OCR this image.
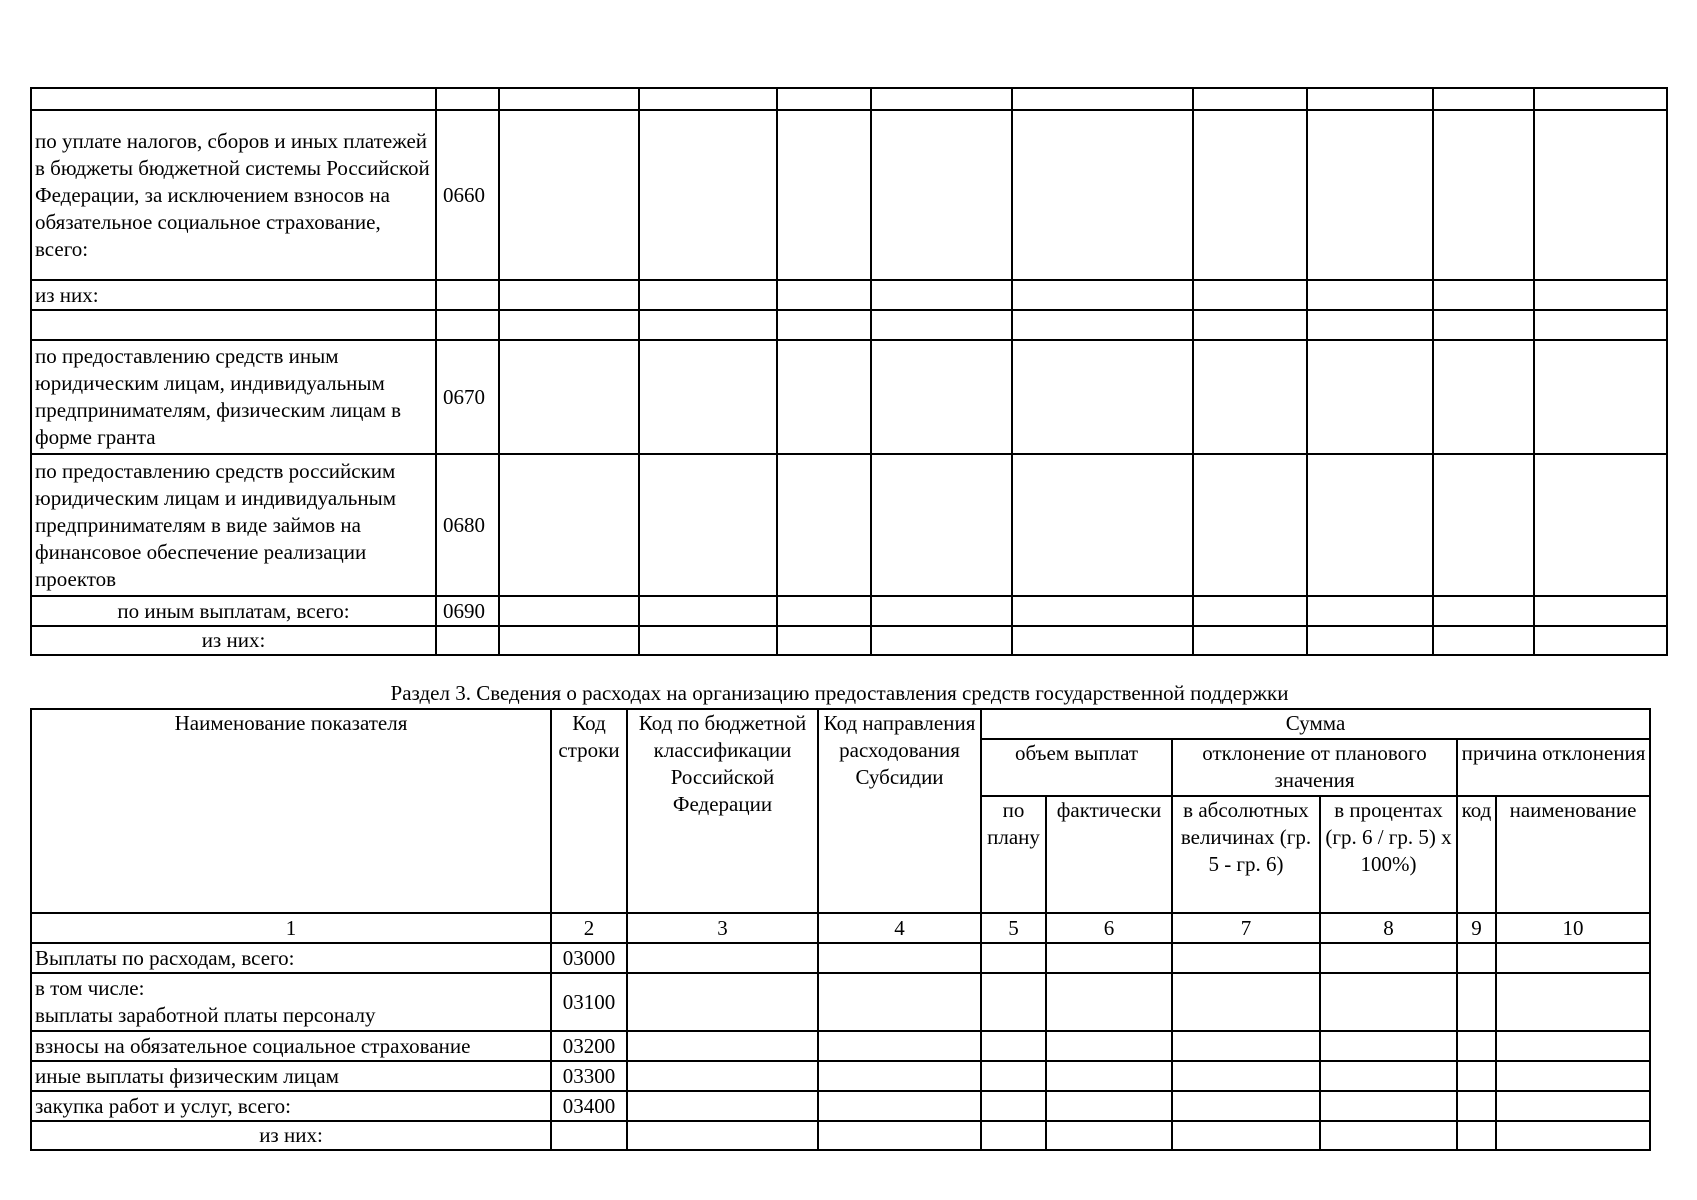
по уплате налогов, сборов и иных платежей в бюджеты бюджетной системы Российской Федерации, за исключением взносов на обязательное социальное страхование, всего:	0660									
из них:										

по предоставлению средств иным юридическим лицам, индивидуальным предпринимателям, физическим лицам в форме гранта	0670									
по предоставлению средств российским юридическим лицам и индивидуальным предпринимателям в виде займов на финансовое обеспечение реализации проектов	0680									
по иным выплатам, всего:	0690									
из них:										
Раздел 3. Сведения о расходах на организацию предоставления средств государственной поддержки
Наименование показателя	Код строки	Код по бюджетной классификации Российской Федерации	Код направления расходования Субсидии	Сумма					
				объем выплат		отклонение от планового значения		причина отклонения	
				по плану	фактически	в абсолютных величинах (гр. 5 - гр. 6)	в процентах (гр. 6 / гр. 5) x 100%)	код	наименование
1	2	3	4	5	6	7	8	9	10
Выплаты по расходам, всего:	03000								

в том числе:
выплаты заработной платы персоналу	03100								
взносы на обязательное социальное страхование	03200								
иные выплаты физическим лицам	03300								
закупка работ и услуг, всего:	03400								
из них:									
